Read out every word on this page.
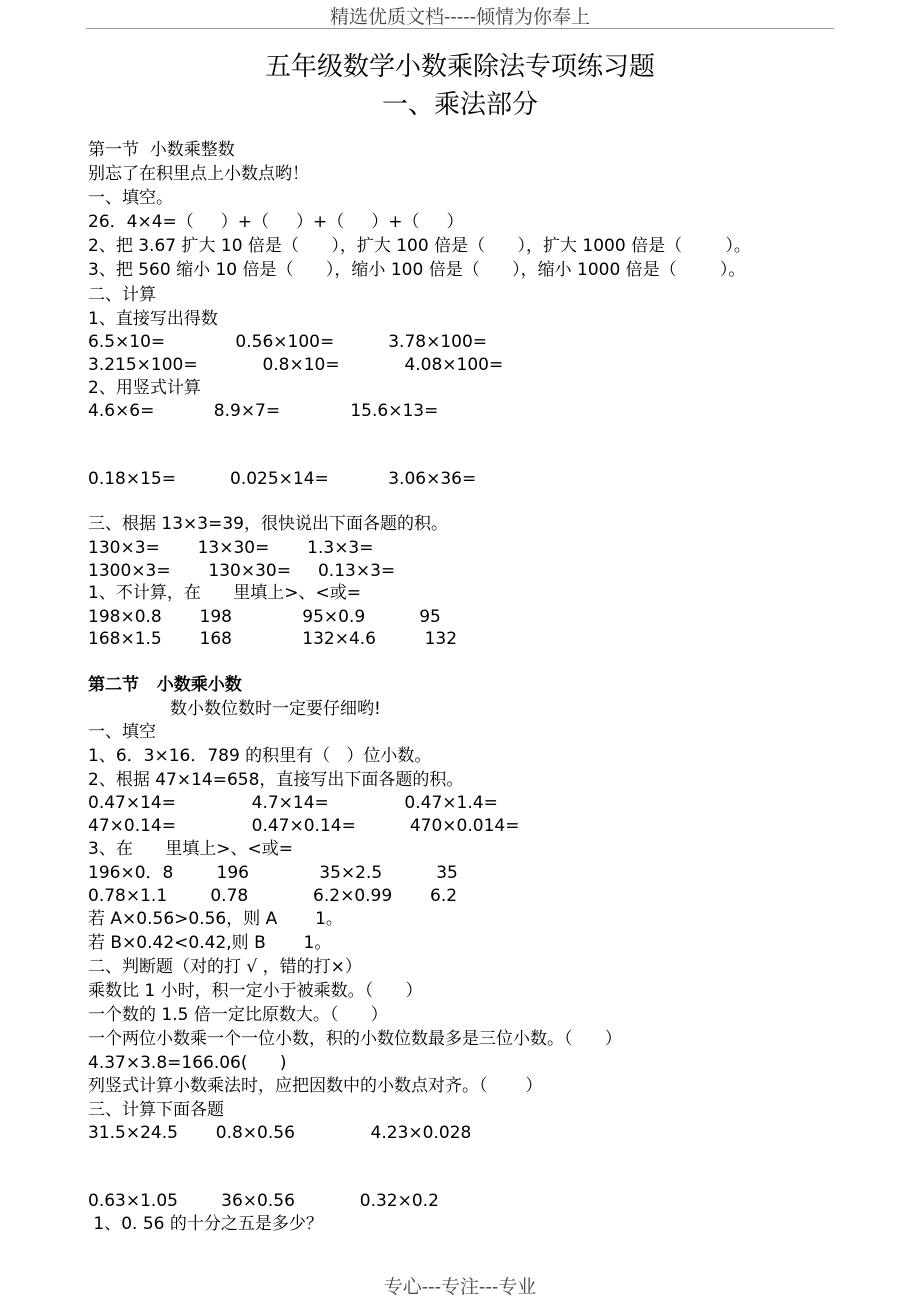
精选优质文档-----倾情为你奉上
五年级数学小数乘除法专项练习题
一、乘法部分
第一节  小数乘整数
别忘了在积里点上小数点哟！
一、填空。
26．4×4=（     ）+（     ）+（     ）+（     ）
2、把 3.67 扩大 10 倍是（      ），扩大 100 倍是（      ），扩大 1000 倍是（        ）。
3、把 560 缩小 10 倍是（      ），缩小 100 倍是（      ），缩小 1000 倍是（        ）。
二、计算
1、直接写出得数
6.5×10=             0.56×100=          3.78×100=
3.215×100=            0.8×10=            4.08×100=
2、用竖式计算
4.6×6=           8.9×7=             15.6×13=
0.18×15=          0.025×14=           3.06×36=
三、根据 13×3=39，很快说出下面各题的积。
130×3=       13×30=       1.3×3=
1300×3=       130×30=     0.13×3=
1、不计算，在      里填上>、<或=
198×0.8       198             95×0.9          95
168×1.5       168             132×4.6         132
第二节   小数乘小数
数小数位数时一定要仔细哟!
一、填空
1、6．3×16．789 的积里有（   ）位小数。
2、根据 47×14=658，直接写出下面各题的积。
0.47×14=              4.7×14=              0.47×1.4=
47×0.14=              0.47×0.14=          470×0.014=
3、在      里填上>、<或=
196×0．8        196             35×2.5          35
0.78×1.1        0.78            6.2×0.99       6.2
若 A×0.56>0.56，则 A       1。
若 B×0.42<0.42,则 B       1。
二、判断题（对的打 √ ，错的打×）
乘数比 1 小时，积一定小于被乘数。（      ）
一个数的 1.5 倍一定比原数大。（      ）
一个两位小数乘一个一位小数，积的小数位数最多是三位小数。（      ）
4.37×3.8=166.06(      )
列竖式计算小数乘法时，应把因数中的小数点对齐。（       ）
三、计算下面各题
31.5×24.5       0.8×0.56              4.23×0.028
0.63×1.05        36×0.56            0.32×0.2
1、0. 56 的十分之五是多少？
专心---专注---专业
